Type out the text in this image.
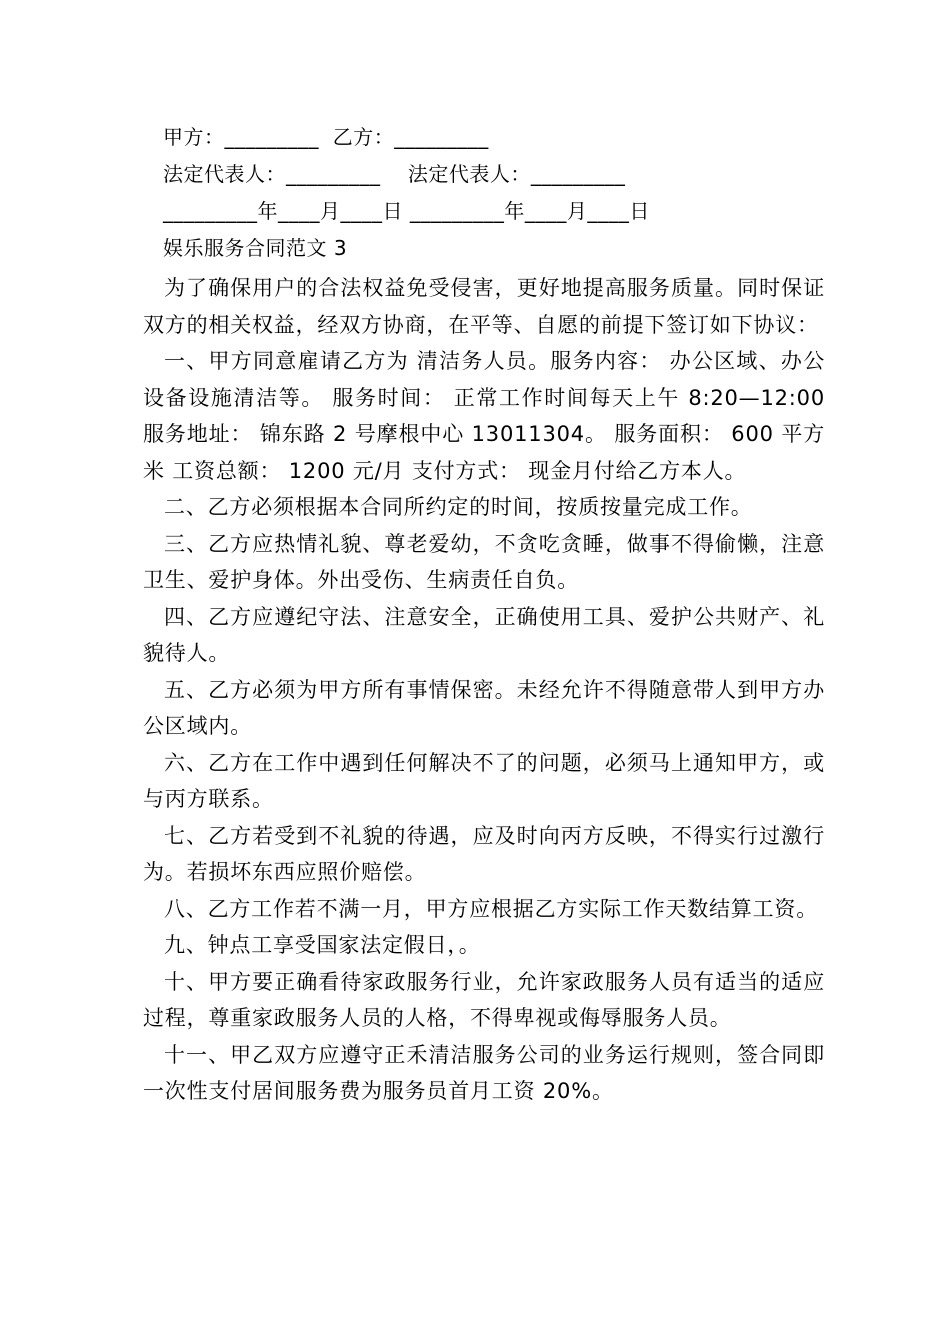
甲方：_________  乙方：_________
法定代表人：_________    法定代表人：_________
_________年____月____日 _________年____月____日
娱乐服务合同范文 3

为了确保用户的合法权益免受侵害，更好地提高服务质量。同时保证双方的相关权益，经双方协商，在平等、自愿的前提下签订如下协议：

一、甲方同意雇请乙方为 清洁务人员。服务内容： 办公区域、办公设备设施清洁等。 服务时间： 正常工作时间每天上午 8:20—12:00 服务地址： 锦东路 2 号摩根中心 13011304。 服务面积： 600 平方米 工资总额： 1200 元/月 支付方式： 现金月付给乙方本人。

二、乙方必须根据本合同所约定的时间，按质按量完成工作。

三、乙方应热情礼貌、尊老爱幼，不贪吃贪睡，做事不得偷懒，注意卫生、爱护身体。外出受伤、生病责任自负。

四、乙方应遵纪守法、注意安全，正确使用工具、爱护公共财产、礼貌待人。

五、乙方必须为甲方所有事情保密。未经允许不得随意带人到甲方办公区域内。

六、乙方在工作中遇到任何解决不了的问题，必须马上通知甲方，或与丙方联系。

七、乙方若受到不礼貌的待遇，应及时向丙方反映，不得实行过激行为。若损坏东西应照价赔偿。

八、乙方工作若不满一月，甲方应根据乙方实际工作天数结算工资。

九、钟点工享受国家法定假日，。

十、甲方要正确看待家政服务行业，允许家政服务人员有适当的适应过程，尊重家政服务人员的人格，不得卑视或侮辱服务人员。

十一、甲乙双方应遵守正禾清洁服务公司的业务运行规则，签合同即一次性支付居间服务费为服务员首月工资 20%。
